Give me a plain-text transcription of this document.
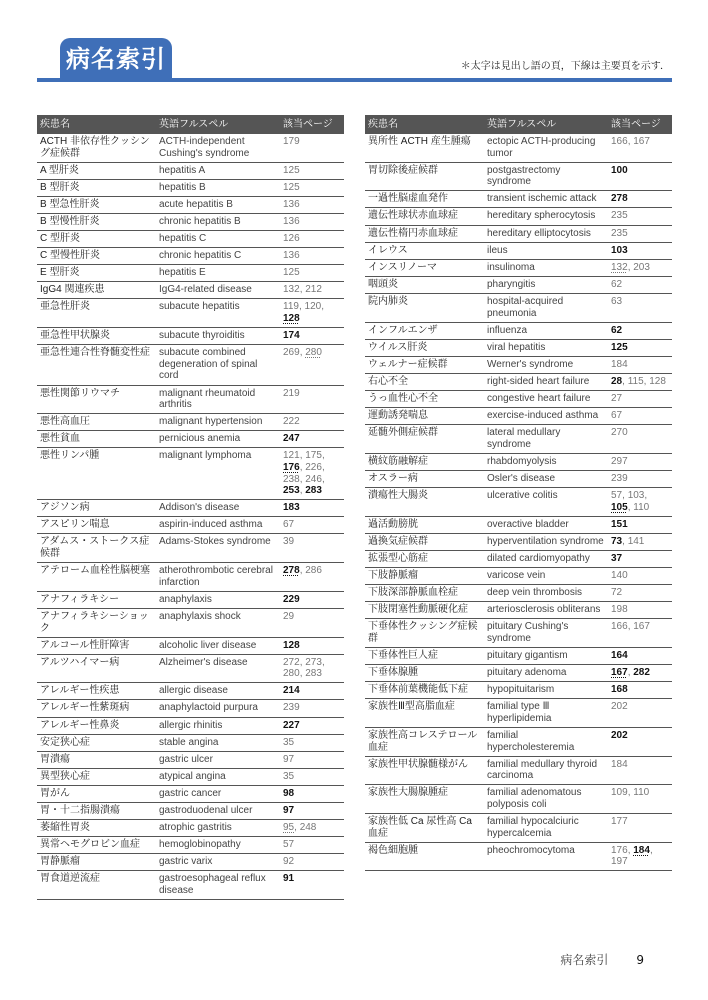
病名索引	＊太字は見出し語の頁，下線は主要頁を示す．
疾患名	英語フルスペル	該当ページ
ACTH 非依存性クッシング症候群	ACTH-independent Cushing's syndrome	179
A 型肝炎	hepatitis A	125
B 型肝炎	hepatitis B	125
B 型急性肝炎	acute hepatitis B	136
B 型慢性肝炎	chronic hepatitis B	136
C 型肝炎	hepatitis C	126
C 型慢性肝炎	chronic hepatitis C	136
E 型肝炎	hepatitis E	125
IgG4 関連疾患	IgG4-related disease	132, 212
亜急性肝炎	subacute hepatitis	119, 120, 128
亜急性甲状腺炎	subacute thyroiditis	174
亜急性連合性脊髄変性症	subacute combined degeneration of spinal cord	269, 280
悪性関節リウマチ	malignant rheumatoid arthritis	219
悪性高血圧	malignant hypertension	222
悪性貧血	pernicious anemia	247
悪性リンパ腫	malignant lymphoma	121, 175, 176, 226, 238, 246, 253, 283
アジソン病	Addison's disease	183
アスピリン喘息	aspirin-induced asthma	67
アダムス・ストークス症候群	Adams-Stokes syndrome	39
アテローム血栓性脳梗塞	atherothrombotic cerebral infarction	278, 286
アナフィラキシー	anaphylaxis	229
アナフィラキシーショック	anaphylaxis shock	29
アルコール性肝障害	alcoholic liver disease	128
アルツハイマー病	Alzheimer's disease	272, 273, 280, 283
アレルギー性疾患	allergic disease	214
アレルギー性紫斑病	anaphylactoid purpura	239
アレルギー性鼻炎	allergic rhinitis	227
安定狭心症	stable angina	35
胃潰瘍	gastric ulcer	97
異型狭心症	atypical angina	35
胃がん	gastric cancer	98
胃・十二指腸潰瘍	gastroduodenal ulcer	97
萎縮性胃炎	atrophic gastritis	95, 248
異常ヘモグロビン血症	hemoglobinopathy	57
胃静脈瘤	gastric varix	92
胃食道逆流症	gastroesophageal reflux disease	91
疾患名	英語フルスペル	該当ページ
異所性 ACTH 産生腫瘍	ectopic ACTH-producing tumor	166, 167
胃切除後症候群	postgastrectomy syndrome	100
一過性脳虚血発作	transient ischemic attack	278
遺伝性球状赤血球症	hereditary spherocytosis	235
遺伝性楕円赤血球症	hereditary elliptocytosis	235
イレウス	ileus	103
インスリノーマ	insulinoma	132, 203
咽頭炎	pharyngitis	62
院内肺炎	hospital-acquired pneumonia	63
インフルエンザ	influenza	62
ウイルス肝炎	viral hepatitis	125
ウェルナー症候群	Werner's syndrome	184
右心不全	right-sided heart failure	28, 115, 128
うっ血性心不全	congestive heart failure	27
運動誘発喘息	exercise-induced asthma	67
延髄外側症候群	lateral medullary syndrome	270
横紋筋融解症	rhabdomyolysis	297
オスラー病	Osler's disease	239
潰瘍性大腸炎	ulcerative colitis	57, 103, 105, 110
過活動膀胱	overactive bladder	151
過換気症候群	hyperventilation syndrome	73, 141
拡張型心筋症	dilated cardiomyopathy	37
下肢静脈瘤	varicose vein	140
下肢深部静脈血栓症	deep vein thrombosis	72
下肢閉塞性動脈硬化症	arteriosclerosis obliterans	198
下垂体性クッシング症候群	pituitary Cushing's syndrome	166, 167
下垂体性巨人症	pituitary gigantism	164
下垂体腺腫	pituitary adenoma	167, 282
下垂体前葉機能低下症	hypopituitarism	168
家族性Ⅲ型高脂血症	familial type Ⅲ hyperlipidemia	202
家族性高コレステロール血症	familial hypercholesteremia	202
家族性甲状腺髄様がん	familial medullary thyroid carcinoma	184
家族性大腸腺腫症	familial adenomatous polyposis coli	109, 110
家族性低 Ca 尿性高 Ca 血症	familial hypocalciuric hypercalcemia	177
褐色細胞腫	pheochromocytoma	176, 184, 197
病名索引 9
